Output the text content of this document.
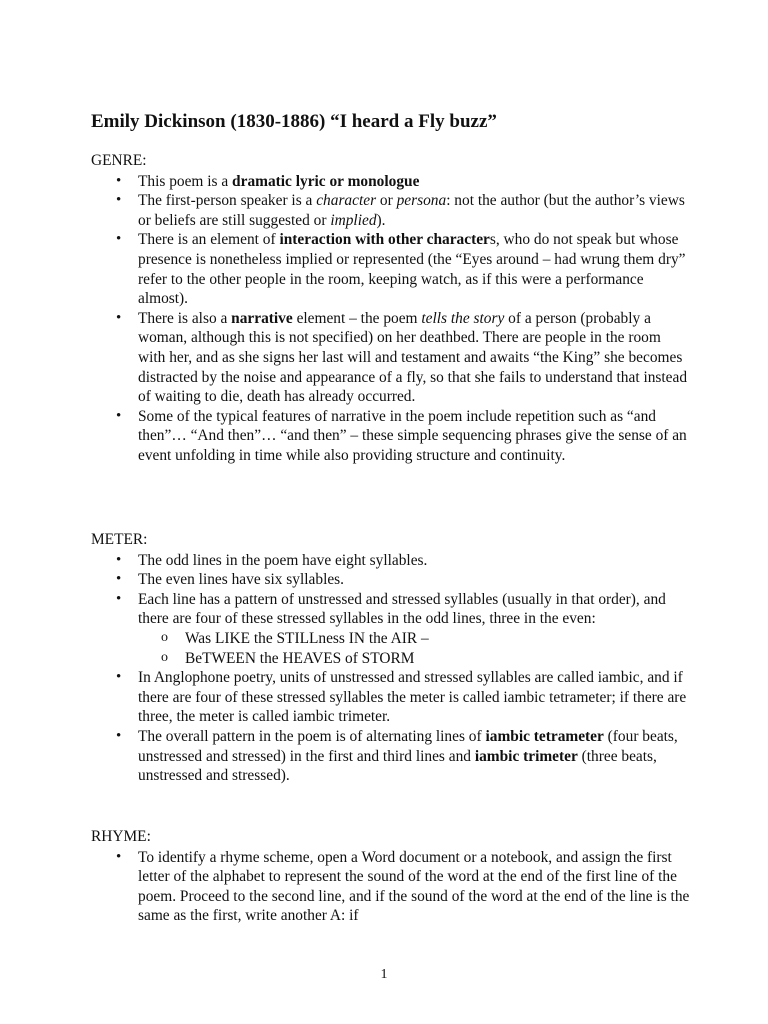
Emily Dickinson (1830-1886) “I heard a Fly buzz”
GENRE:
• This poem is a dramatic lyric or monologue
• The first-person speaker is a character or persona: not the author (but the author’s views or beliefs are still suggested or implied).
• There is an element of interaction with other characters, who do not speak but whose presence is nonetheless implied or represented (the “Eyes around – had wrung them dry” refer to the other people in the room, keeping watch, as if this were a performance almost).
• There is also a narrative element – the poem tells the story of a person (probably a woman, although this is not specified) on her deathbed. There are people in the room with her, and as she signs her last will and testament and awaits “the King” she becomes distracted by the noise and appearance of a fly, so that she fails to understand that instead of waiting to die, death has already occurred.
• Some of the typical features of narrative in the poem include repetition such as “and then”… “And then”… “and then” – these simple sequencing phrases give the sense of an event unfolding in time while also providing structure and continuity.
METER:
• The odd lines in the poem have eight syllables.
• The even lines have six syllables.
• Each line has a pattern of unstressed and stressed syllables (usually in that order), and there are four of these stressed syllables in the odd lines, three in the even:
o Was LIKE the STILLness IN the AIR –
o BeTWEEN the HEAVES of STORM
• In Anglophone poetry, units of unstressed and stressed syllables are called iambic, and if there are four of these stressed syllables the meter is called iambic tetrameter; if there are three, the meter is called iambic trimeter.
• The overall pattern in the poem is of alternating lines of iambic tetrameter (four beats, unstressed and stressed) in the first and third lines and iambic trimeter (three beats, unstressed and stressed).
RHYME:
• To identify a rhyme scheme, open a Word document or a notebook, and assign the first letter of the alphabet to represent the sound of the word at the end of the first line of the poem. Proceed to the second line, and if the sound of the word at the end of the line is the same as the first, write another A: if
1
